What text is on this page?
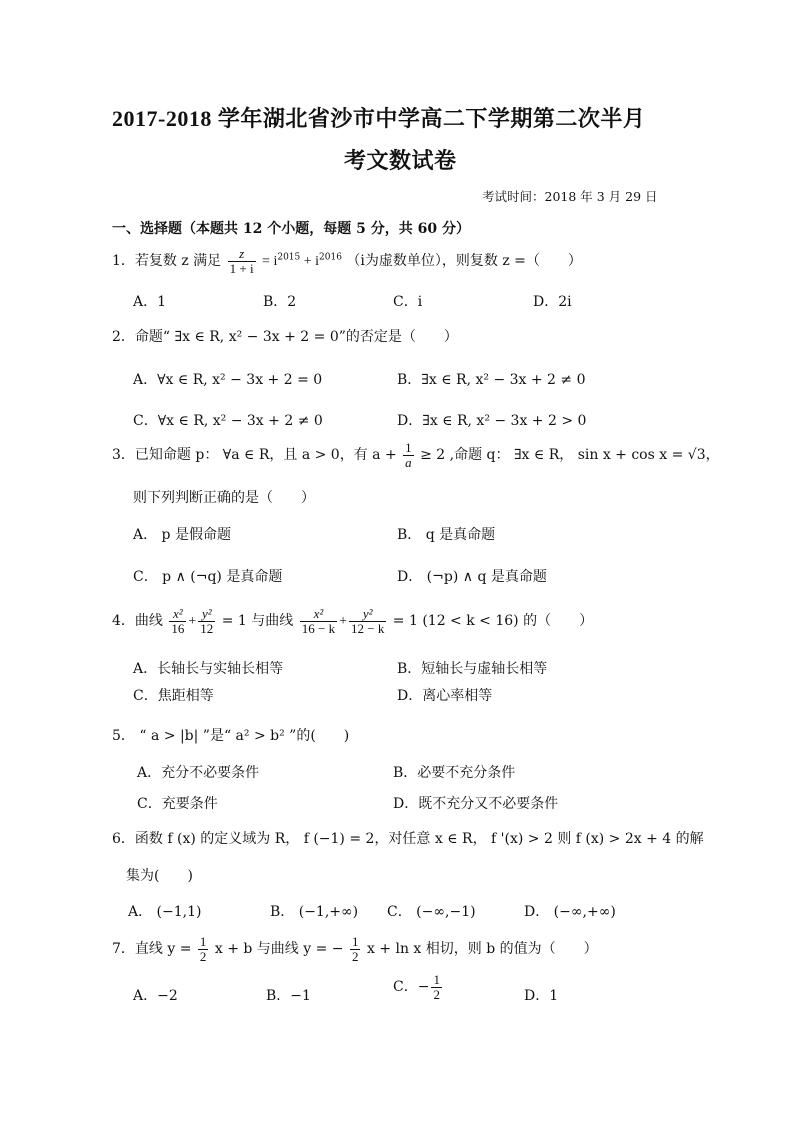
2017-2018 学年湖北省沙市中学高二下学期第二次半月
考文数试卷
考试时间：2018 年 3 月 29 日
一、选择题（本题共 12 个小题，每题 5 分，共 60 分）
1．若复数 z 满足 $\frac{z}{1 + i} = i^{2015} + i^{2016}$ （i为虚数单位），则复数 z =（　　）
A．1	B．2	C．i	D．2i
2．命题“ ∃x ∈ R, x² − 3x + 2 = 0”的否定是（　　）
A．∀x ∈ R, x² − 3x + 2 = 0	B．∃x ∈ R, x² − 3x + 2 ≠ 0
C．∀x ∈ R, x² − 3x + 2 ≠ 0	D．∃x ∈ R, x² − 3x + 2 > 0
3．已知命题 p： ∀a ∈ R，且 a > 0，有 $a + \frac{1}{a} \ge 2$ ,命题 q： ∃x ∈ R， sin x + cos x = √3，
则下列判断正确的是（　　）
A． p 是假命题	B． q 是真命题
C． p ∧ (¬q) 是真命题	D． (¬p) ∧ q 是真命题
4．曲线 $\frac{\text{x²}}{16} + \frac{\text{y²}}{12} = 1$ 与曲线 $\frac{\text{x²}}{16 - k} + \frac{\text{y²}}{12 - k} = 1$ (12 < k < 16) 的（　　）
A．长轴长与实轴长相等	B．短轴长与虚轴长相等
C．焦距相等	D．离心率相等
5． “ a > |b| ”是“ a² > b² ”的(　　)
A．充分不必要条件	B．必要不充分条件
C．充要条件	D．既不充分又不必要条件
6．函数 f (x) 的定义域为 R， f (−1) = 2，对任意 x ∈ R， f '(x) > 2 则 f (x) > 2x + 4 的解
集为(　　)
A． (−1,1)	B． (−1,+∞) C． (−∞,−1)	D． (−∞,+∞)
7．直线 $y = \frac{1}{2}$ x + b 与曲线 y = − $\frac{1}{2}$ x + ln x 相切，则 b 的值为（　　）
A．−2	B．−1
C．− $\frac{1}{2}$	D．1
